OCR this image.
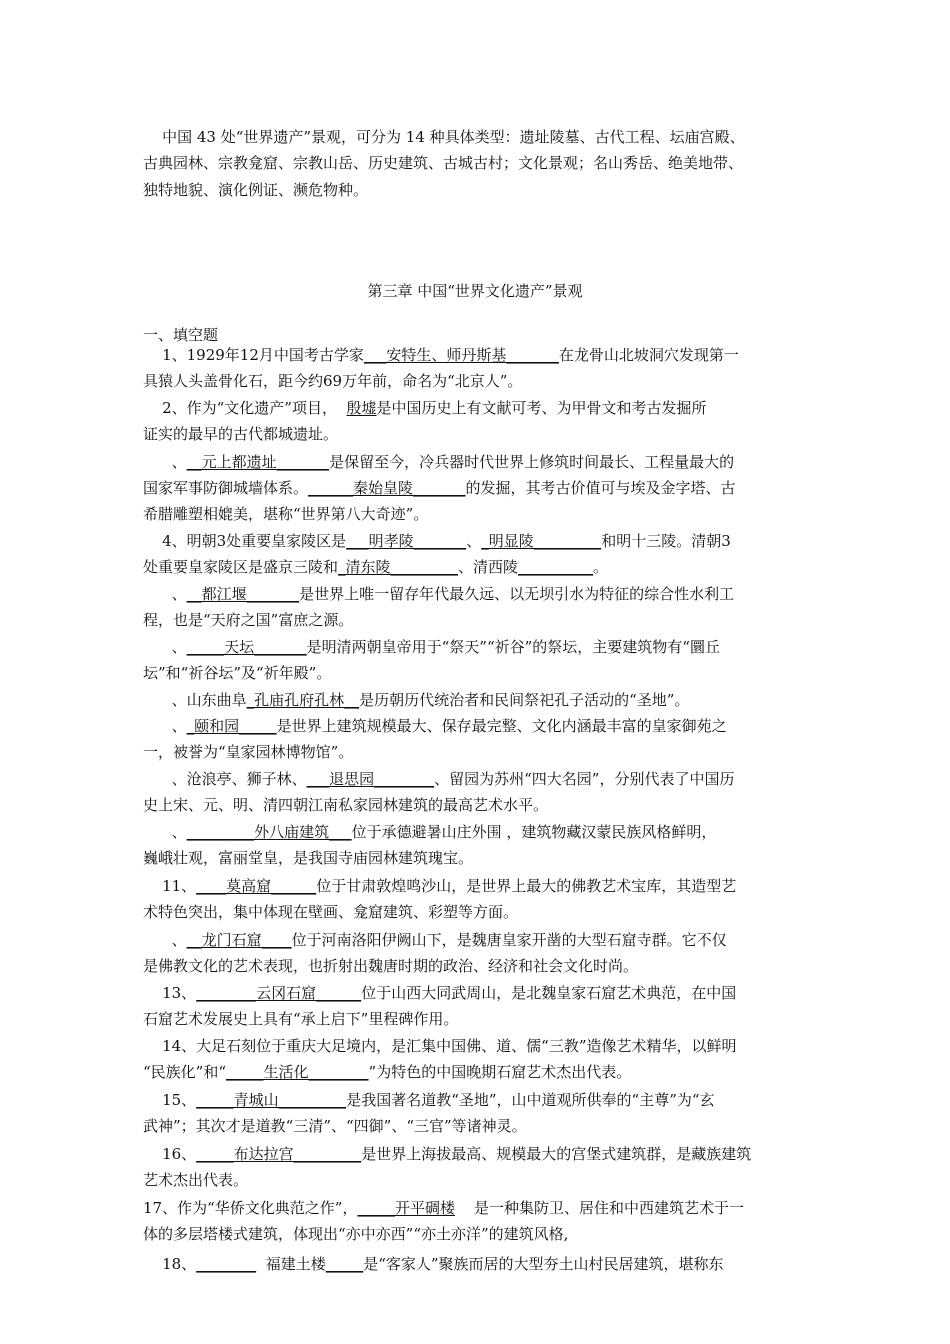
中国 43 处“世界遗产”景观，可分为 14 种具体类型：遗址陵墓、古代工程、坛庙宫殿、
古典园林、宗教龛窟、宗教山岳、历史建筑、古城古村；文化景观；名山秀岳、绝美地带、
独特地貌、演化例证、濒危物种。
第三章 中国“世界文化遗产”景观
一、填空题
1、1929年12月中国考古学家___安特生、师丹斯基_______在龙骨山北坡洞穴发现第一
具猿人头盖骨化石，距今约69万年前，命名为“北京人”。
2、作为“文化遗产”项目，  殷墟是中国历史上有文献可考、为甲骨文和考古发掘所
证实的最早的古代都城遗址。
、__元上都遗址_______是保留至今，冷兵器时代世界上修筑时间最长、工程量最大的
国家军事防御城墙体系。______秦始皇陵_______的发掘，其考古价值可与埃及金字塔、古
希腊雕塑相媲美，堪称“世界第八大奇迹”。
4、明朝3处重要皇家陵区是___明孝陵_______、_明显陵_________和明十三陵。清朝3
处重要皇家陵区是盛京三陵和_清东陵_________、清西陵__________。
、__都江堰_______是世界上唯一留存年代最久远、以无坝引水为特征的综合性水利工
程，也是“天府之国”富庶之源。
、_____天坛_______是明清两朝皇帝用于“祭天”“祈谷”的祭坛，主要建筑物有“圜丘
坛”和“祈谷坛”及“祈年殿”。
、山东曲阜_孔庙孔府孔林__是历朝历代统治者和民间祭祀孔子活动的“圣地”。
、_颐和园_____是世界上建筑规模最大、保存最完整、文化内涵最丰富的皇家御苑之
一，被誉为“皇家园林博物馆”。
、沧浪亭、狮子林、___退思园________、留园为苏州“四大名园”，分别代表了中国历
史上宋、元、明、清四朝江南私家园林建筑的最高艺术水平。
、_________外八庙建筑___位于承德避暑山庄外围 ，建筑物藏汉蒙民族风格鲜明，
巍峨壮观，富丽堂皇，是我国寺庙园林建筑瑰宝。
11、____莫高窟______位于甘肃敦煌鸣沙山，是世界上最大的佛教艺术宝库，其造型艺
术特色突出，集中体现在壁画、龛窟建筑、彩塑等方面。
、__龙门石窟____位于河南洛阳伊阙山下，是魏唐皇家开凿的大型石窟寺群。它不仅
是佛教文化的艺术表现，也折射出魏唐时期的政治、经济和社会文化时尚。
13、________云冈石窟______位于山西大同武周山，是北魏皇家石窟艺术典范，在中国
石窟艺术发展史上具有“承上启下”里程碑作用。
14、大足石刻位于重庆大足境内，是汇集中国佛、道、儒“三教”造像艺术精华，以鲜明
“民族化”和“_____生活化________”为特色的中国晚期石窟艺术杰出代表。
15、_____青城山_________是我国著名道教“圣地”，山中道观所供奉的“主尊”为“玄
武神”；其次才是道教“三清”、“四御”、“三官”等诸神灵。
16、_____布达拉宫_________是世界上海拔最高、规模最大的宫堡式建筑群，是藏族建筑
艺术杰出代表。
17、作为“华侨文化典范之作”，_____开平碉楼    是一种集防卫、居住和中西建筑艺术于一
体的多层塔楼式建筑，体现出“亦中亦西”“亦土亦洋”的建筑风格,
18、________  福建土楼_____是“客家人”聚族而居的大型夯土山村民居建筑，堪称东
